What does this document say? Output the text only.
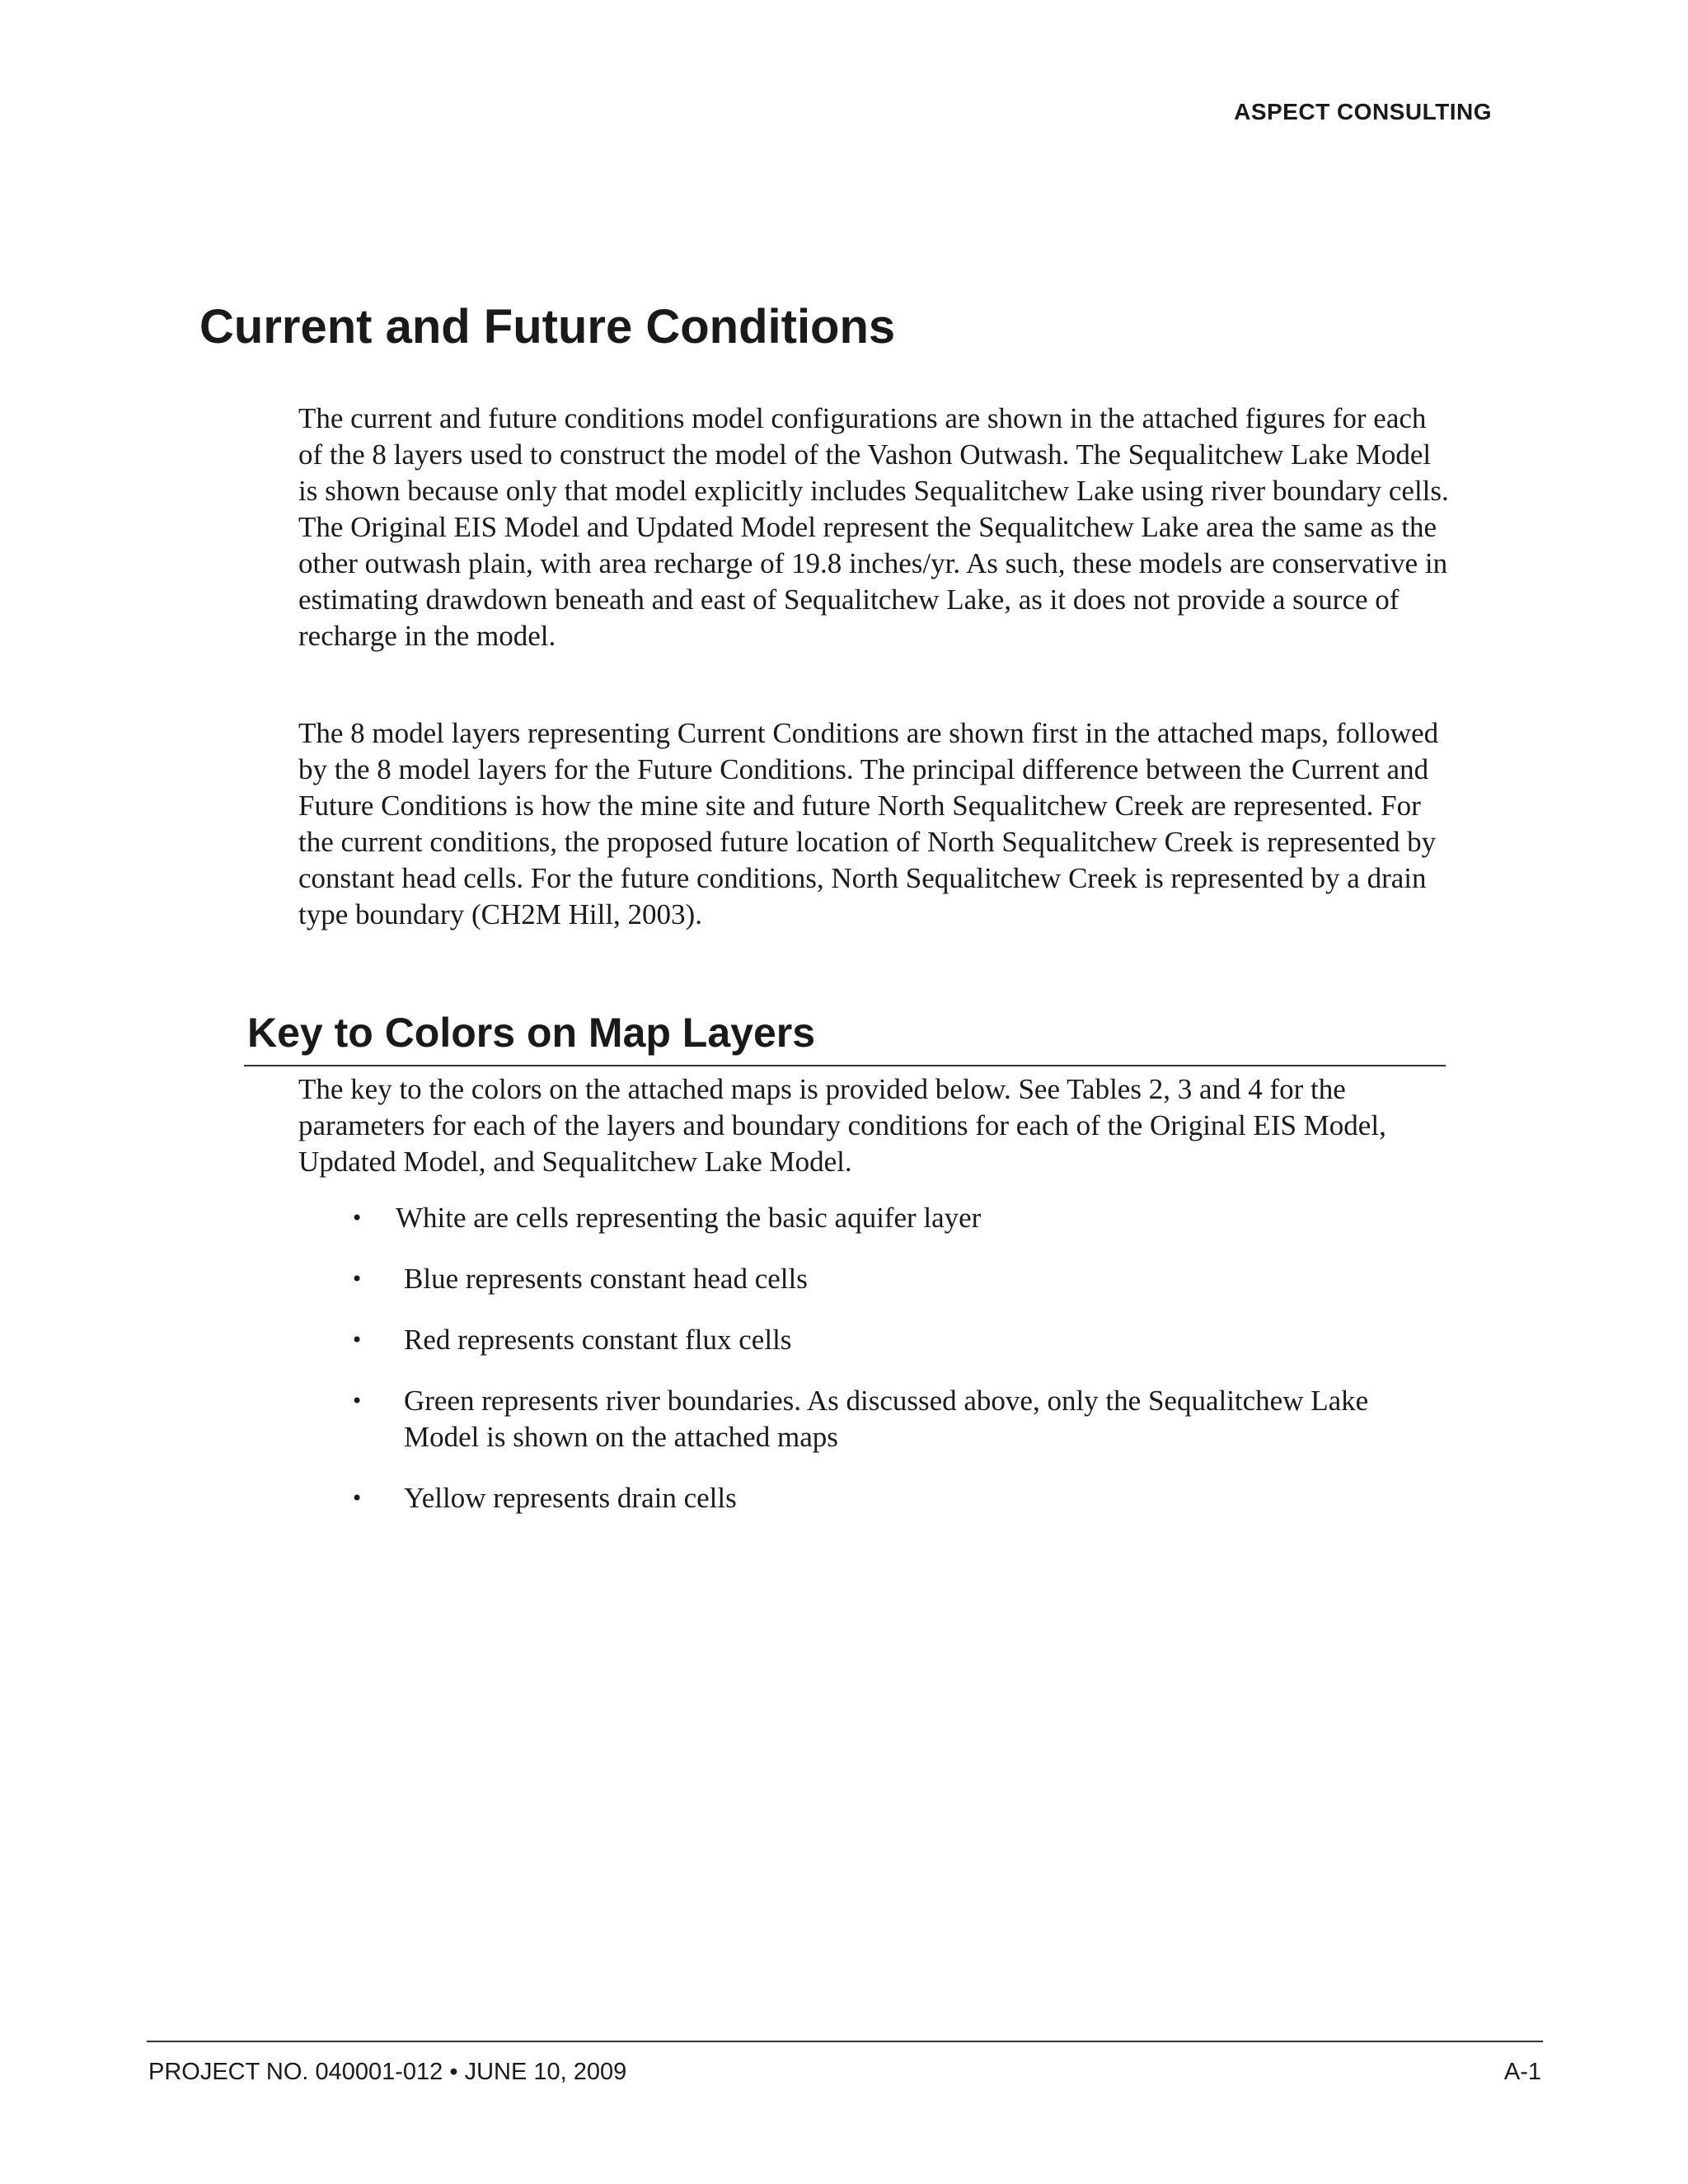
ASPECT CONSULTING
Current and Future Conditions

The current and future conditions model configurations are shown in the attached figures for each of the 8 layers used to construct the model of the Vashon Outwash. The Sequalitchew Lake Model is shown because only that model explicitly includes Sequalitchew Lake using river boundary cells. The Original EIS Model and Updated Model represent the Sequalitchew Lake area the same as the other outwash plain, with area recharge of 19.8 inches/yr. As such, these models are conservative in estimating drawdown beneath and east of Sequalitchew Lake, as it does not provide a source of recharge in the model.

The 8 model layers representing Current Conditions are shown first in the attached maps, followed by the 8 model layers for the Future Conditions. The principal difference between the Current and Future Conditions is how the mine site and future North Sequalitchew Creek are represented. For the current conditions, the proposed future location of North Sequalitchew Creek is represented by constant head cells. For the future conditions, North Sequalitchew Creek is represented by a drain type boundary (CH2M Hill, 2003).

Key to Colors on Map Layers

The key to the colors on the attached maps is provided below. See Tables 2, 3 and 4 for the parameters for each of the layers and boundary conditions for each of the Original EIS Model, Updated Model, and Sequalitchew Lake Model.

• White are cells representing the basic aquifer layer
• Blue represents constant head cells
• Red represents constant flux cells
• Green represents river boundaries. As discussed above, only the Sequalitchew Lake Model is shown on the attached maps
• Yellow represents drain cells
PROJECT NO. 040001-012 • JUNE 10, 2009	A-1
